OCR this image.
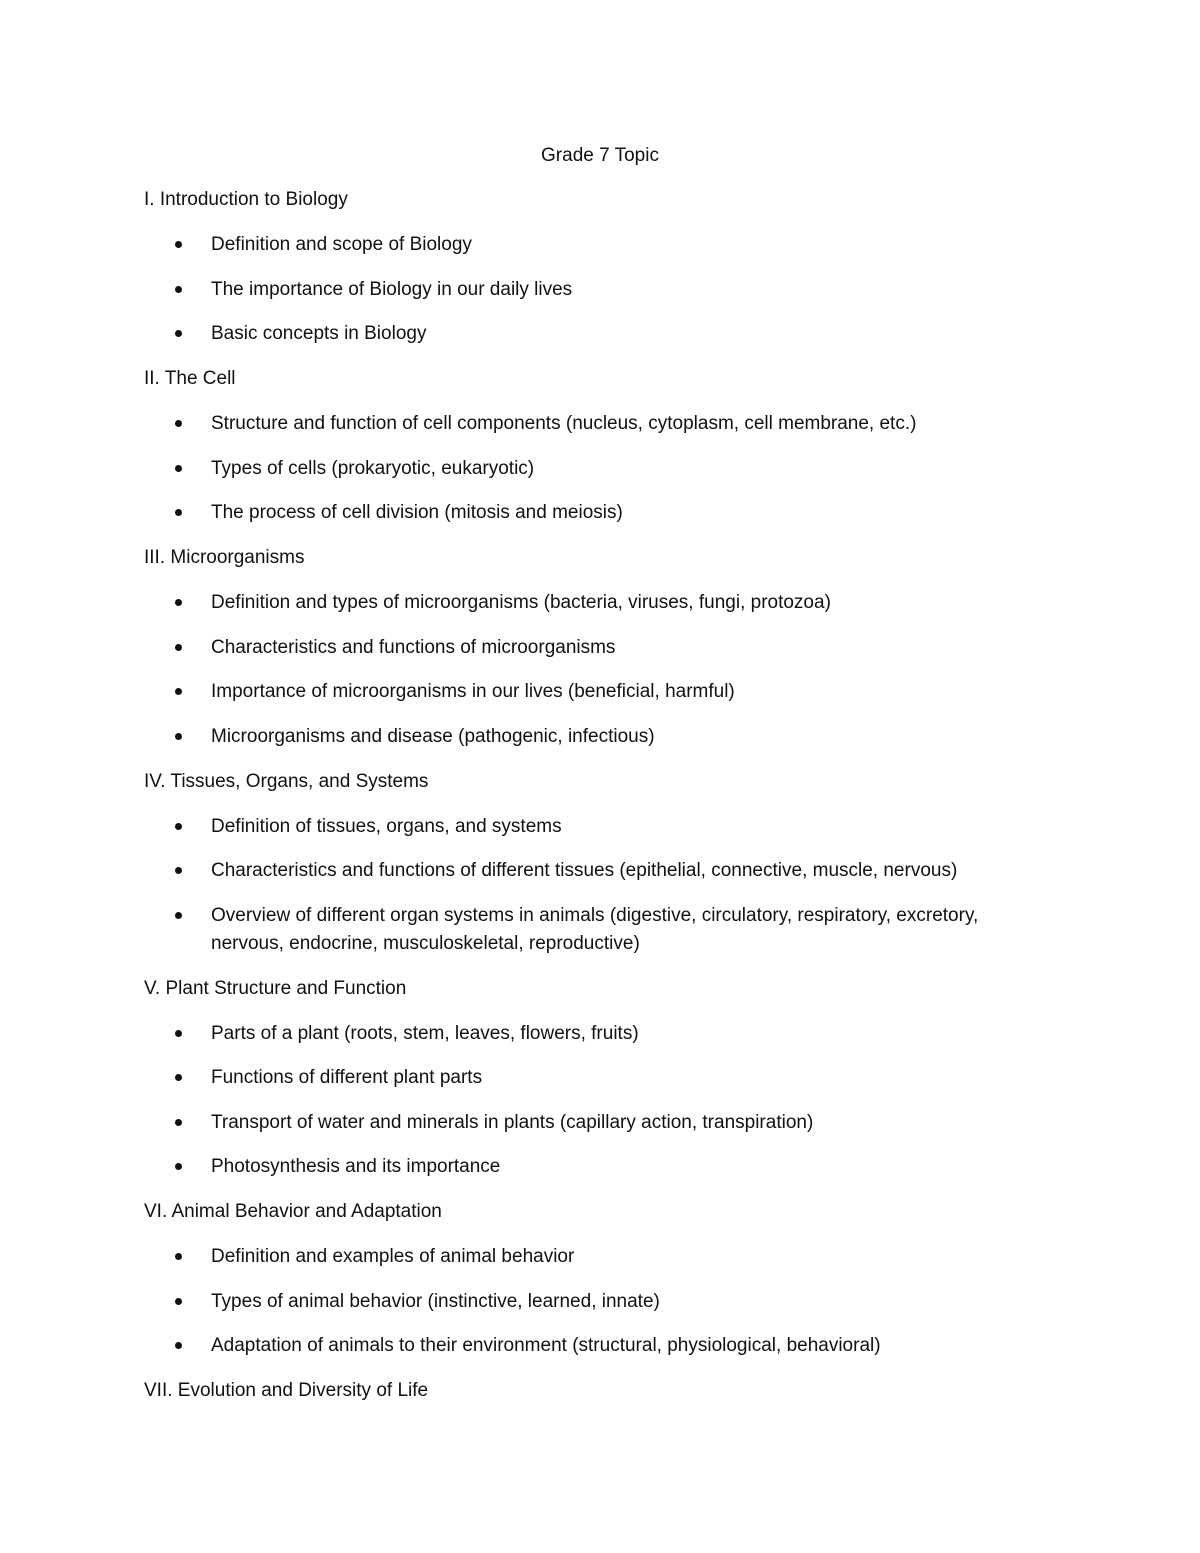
Grade 7 Topic

I. Introduction to Biology

Definition and scope of Biology
The importance of Biology in our daily lives
Basic concepts in Biology

II. The Cell

Structure and function of cell components (nucleus, cytoplasm, cell membrane, etc.)
Types of cells (prokaryotic, eukaryotic)
The process of cell division (mitosis and meiosis)

III. Microorganisms

Definition and types of microorganisms (bacteria, viruses, fungi, protozoa)
Characteristics and functions of microorganisms
Importance of microorganisms in our lives (beneficial, harmful)
Microorganisms and disease (pathogenic, infectious)

IV. Tissues, Organs, and Systems

Definition of tissues, organs, and systems
Characteristics and functions of different tissues (epithelial, connective, muscle, nervous)
Overview of different organ systems in animals (digestive, circulatory, respiratory, excretory, nervous, endocrine, musculoskeletal, reproductive)

V. Plant Structure and Function

Parts of a plant (roots, stem, leaves, flowers, fruits)
Functions of different plant parts
Transport of water and minerals in plants (capillary action, transpiration)
Photosynthesis and its importance

VI. Animal Behavior and Adaptation

Definition and examples of animal behavior
Types of animal behavior (instinctive, learned, innate)
Adaptation of animals to their environment (structural, physiological, behavioral)

VII. Evolution and Diversity of Life
